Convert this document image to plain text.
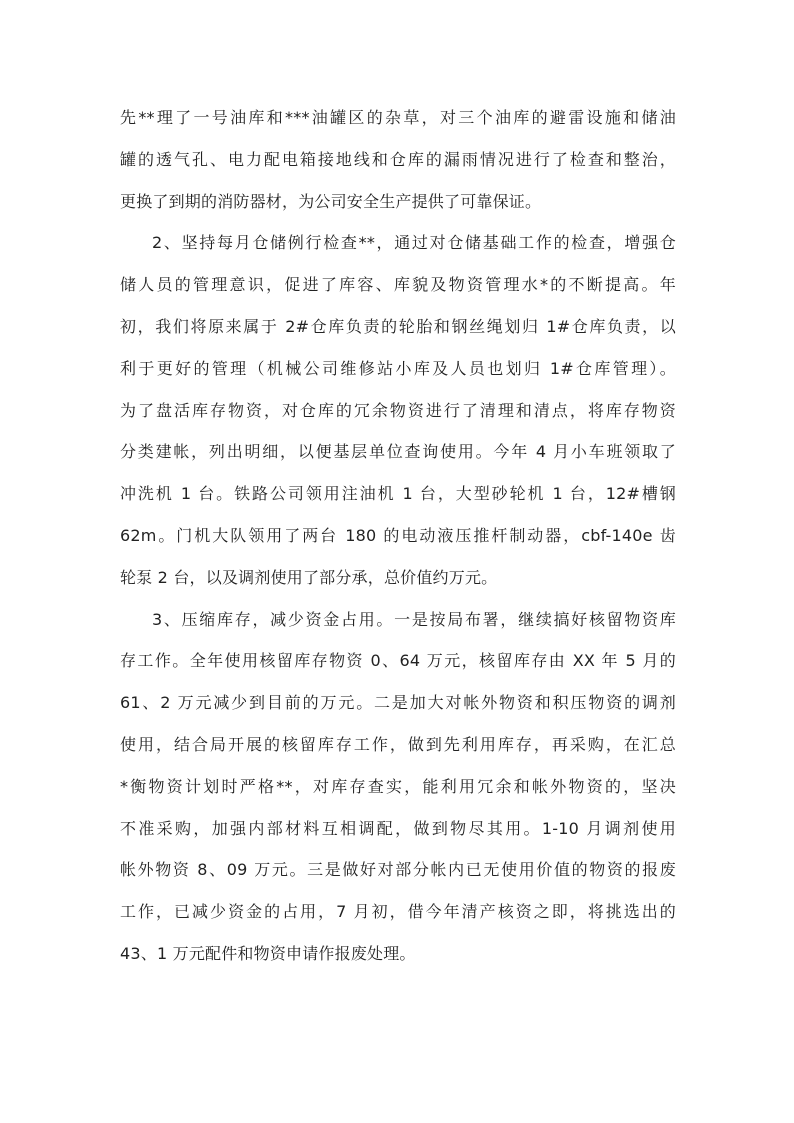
先**理了一号油库和***油罐区的杂草，对三个油库的避雷设施和储油
罐的透气孔、电力配电箱接地线和仓库的漏雨情况进行了检查和整治，
更换了到期的消防器材，为公司安全生产提供了可靠保证。
2、坚持每月仓储例行检查**，通过对仓储基础工作的检查，增强仓
储人员的管理意识，促进了库容、库貌及物资管理水*的不断提高。年
初，我们将原来属于 2#仓库负责的轮胎和钢丝绳划归 1#仓库负责，以
利于更好的管理（机械公司维修站小库及人员也划归 1#仓库管理）。
为了盘活库存物资，对仓库的冗余物资进行了清理和清点，将库存物资
分类建帐，列出明细，以便基层单位查询使用。今年 4 月小车班领取了
冲洗机 1 台。铁路公司领用注油机 1 台，大型砂轮机 1 台，12#槽钢
62m。门机大队领用了两台 180 的电动液压推杆制动器，cbf-140e 齿
轮泵 2 台，以及调剂使用了部分承，总价值约万元。
3、压缩库存，减少资金占用。一是按局布署，继续搞好核留物资库
存工作。全年使用核留库存物资 0、64 万元，核留库存由 XX 年 5 月的
61、2 万元减少到目前的万元。二是加大对帐外物资和积压物资的调剂
使用，结合局开展的核留库存工作，做到先利用库存，再采购，在汇总
*衡物资计划时严格**，对库存查实，能利用冗余和帐外物资的，坚决
不准采购，加强内部材料互相调配，做到物尽其用。1-10 月调剂使用
帐外物资 8、09 万元。三是做好对部分帐内已无使用价值的物资的报废
工作，已减少资金的占用，7 月初，借今年清产核资之即，将挑选出的
43、1 万元配件和物资申请作报废处理。
